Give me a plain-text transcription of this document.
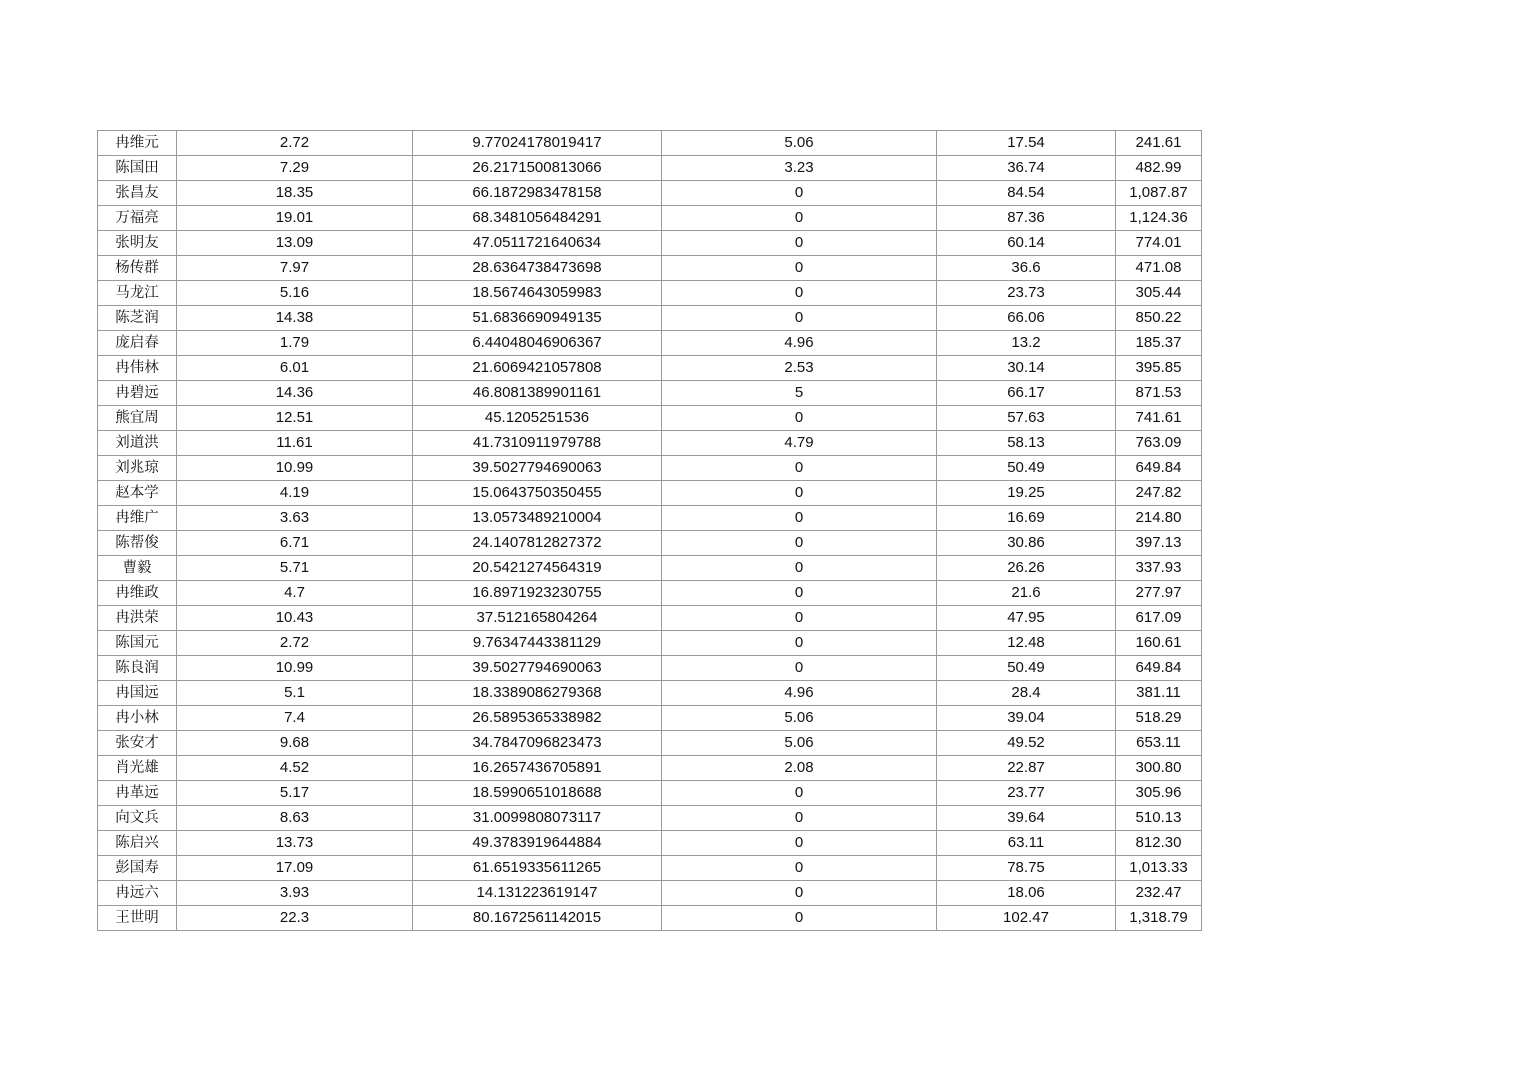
冉维元	2.72	9.77024178019417	5.06	17.54	241.61
陈国田	7.29	26.2171500813066	3.23	36.74	482.99
张昌友	18.35	66.1872983478158	0	84.54	1,087.87
万福亮	19.01	68.3481056484291	0	87.36	1,124.36
张明友	13.09	47.0511721640634	0	60.14	774.01
杨传群	7.97	28.6364738473698	0	36.6	471.08
马龙江	5.16	18.5674643059983	0	23.73	305.44
陈芝润	14.38	51.6836690949135	0	66.06	850.22
庞启春	1.79	6.44048046906367	4.96	13.2	185.37
冉伟林	6.01	21.6069421057808	2.53	30.14	395.85
冉碧远	14.36	46.8081389901161	5	66.17	871.53
熊宜周	12.51	45.1205251536	0	57.63	741.61
刘道洪	11.61	41.7310911979788	4.79	58.13	763.09
刘兆琼	10.99	39.5027794690063	0	50.49	649.84
赵本学	4.19	15.0643750350455	0	19.25	247.82
冉维广	3.63	13.0573489210004	0	16.69	214.80
陈帮俊	6.71	24.1407812827372	0	30.86	397.13
曹毅	5.71	20.5421274564319	0	26.26	337.93
冉维政	4.7	16.8971923230755	0	21.6	277.97
冉洪荣	10.43	37.512165804264	0	47.95	617.09
陈国元	2.72	9.76347443381129	0	12.48	160.61
陈良润	10.99	39.5027794690063	0	50.49	649.84
冉国远	5.1	18.3389086279368	4.96	28.4	381.11
冉小林	7.4	26.5895365338982	5.06	39.04	518.29
张安才	9.68	34.7847096823473	5.06	49.52	653.11
肖光雄	4.52	16.2657436705891	2.08	22.87	300.80
冉革远	5.17	18.5990651018688	0	23.77	305.96
向文兵	8.63	31.0099808073117	0	39.64	510.13
陈启兴	13.73	49.3783919644884	0	63.11	812.30
彭国寿	17.09	61.6519335611265	0	78.75	1,013.33
冉远六	3.93	14.131223619147	0	18.06	232.47
王世明	22.3	80.1672561142015	0	102.47	1,318.79
